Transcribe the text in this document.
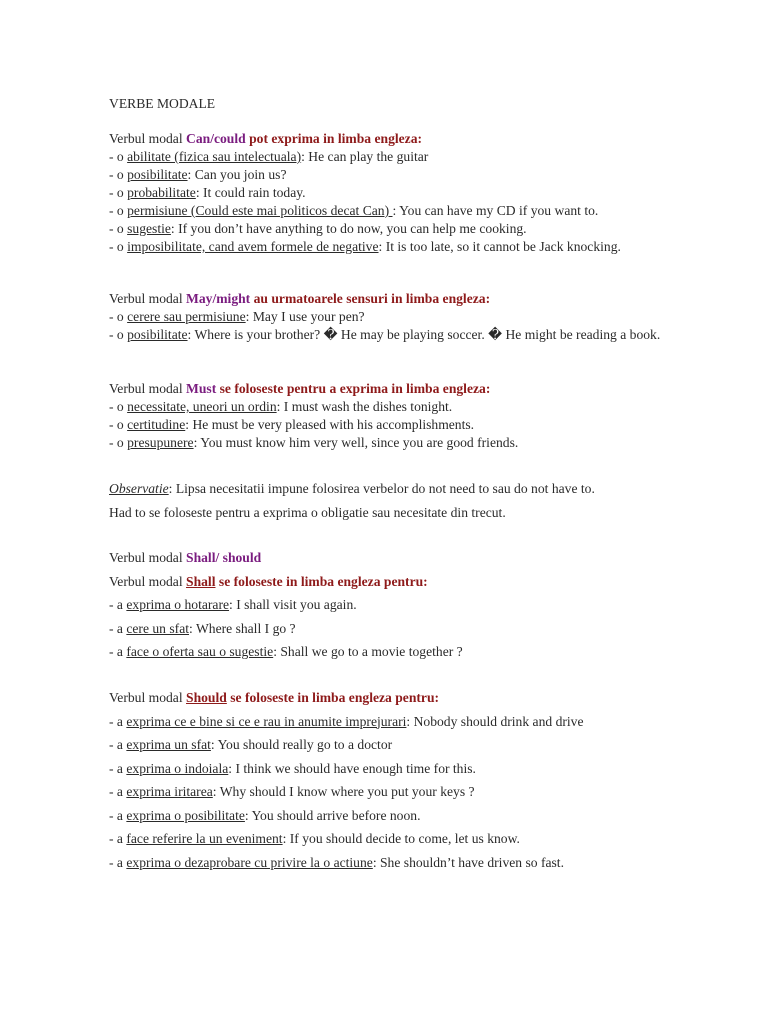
VERBE MODALE
Verbul modal Can/could pot exprima in limba engleza:
- o abilitate (fizica sau intelectuala): He can play the guitar
- o posibilitate: Can you join us?
- o probabilitate: It could rain today.
- o permisiune (Could este mai politicos decat Can) : You can have my CD if you want to.
- o sugestie: If you don’t have anything to do now, you can help me cooking.
- o imposibilitate, cand avem formele de negative: It is too late, so it cannot be Jack knocking.
Verbul modal May/might au urmatoarele sensuri in limba engleza:
- o cerere sau permisiune: May I use your pen?
- o posibilitate: Where is your brother? � He may be playing soccer. � He might be reading a book.
Verbul modal Must se foloseste pentru a exprima in limba engleza:
- o necessitate, uneori un ordin: I must wash the dishes tonight.
- o certitudine: He must be very pleased with his accomplishments.
- o presupunere: You must know him very well, since you are good friends.
Observatie: Lipsa necesitatii impune folosirea verbelor do not need to sau do not have to.
Had to se foloseste pentru a exprima o obligatie sau necesitate din trecut.
Verbul modal Shall/ should
Verbul modal Shall se foloseste in limba engleza pentru:
- a exprima o hotarare: I shall visit you again.
- a cere un sfat: Where shall I go ?
- a face o oferta sau o sugestie: Shall we go to a movie together ?
Verbul modal Should se foloseste in limba engleza pentru:
- a exprima ce e bine si ce e rau in anumite imprejurari: Nobody should drink and drive
- a exprima un sfat: You should really go to a doctor
- a exprima o indoiala: I think we should have enough time for this.
- a exprima iritarea: Why should I know where you put your keys ?
- a exprima o posibilitate: You should arrive before noon.
- a face referire la un eveniment: If you should decide to come, let us know.
- a exprima o dezaprobare cu privire la o actiune: She shouldn’t have driven so fast.
